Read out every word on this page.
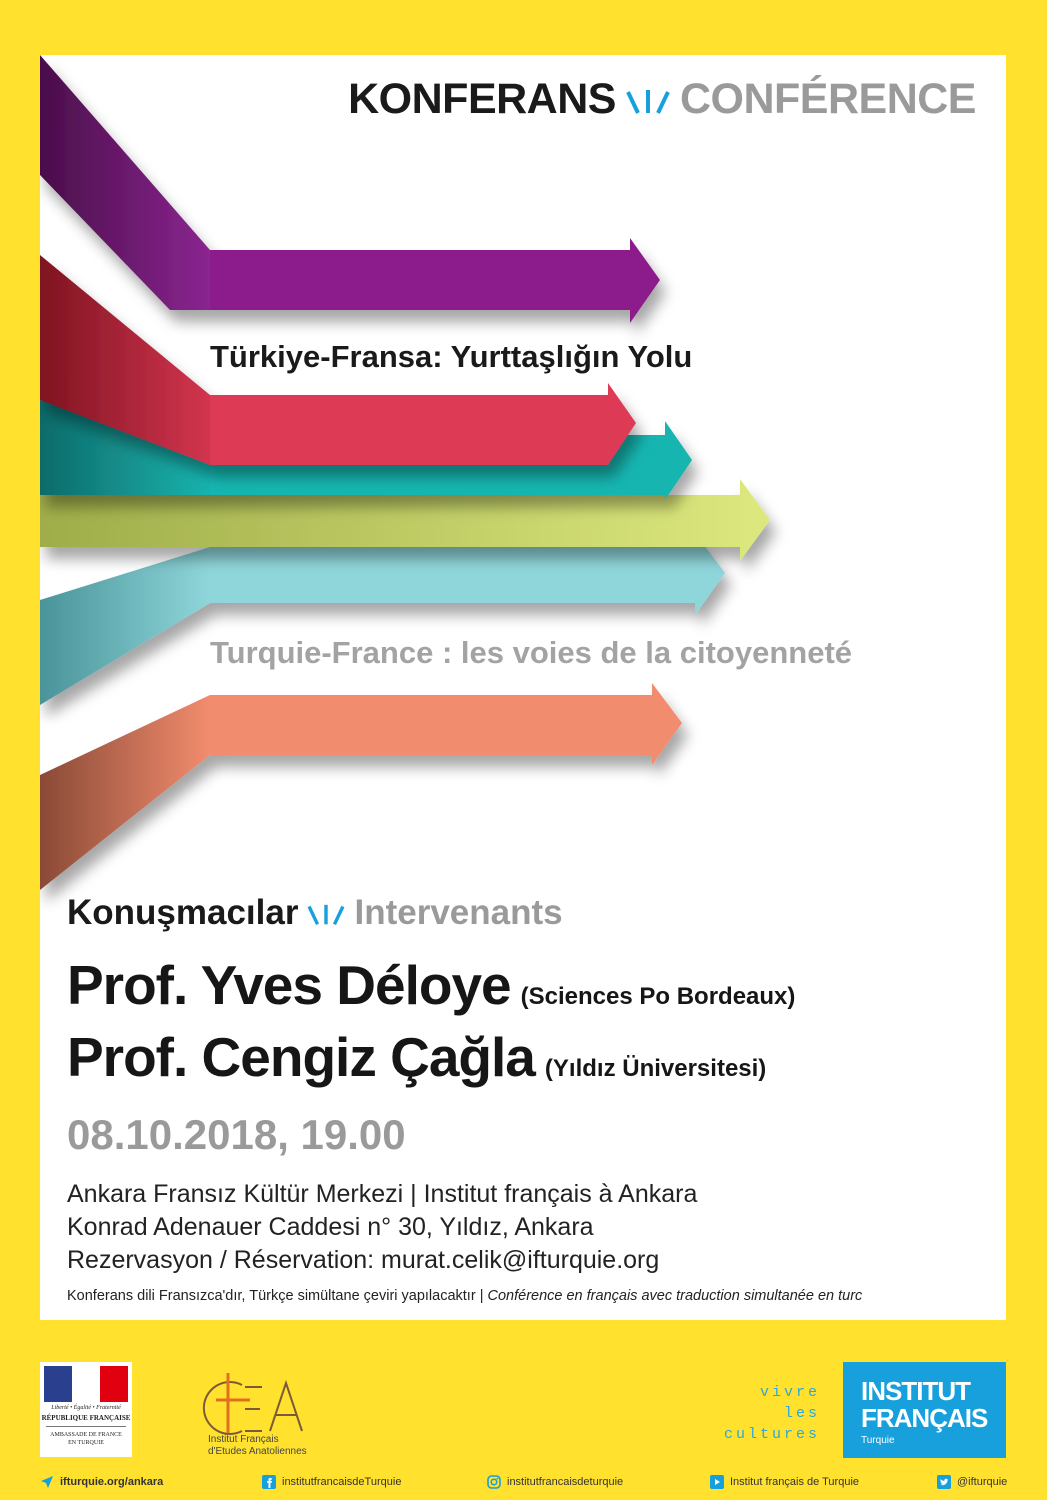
KONFERANS CONFÉRENCE
Türkiye-Fransa: Yurttaşlığın Yolu
Turquie-France : les voies de la citoyenneté
Konuşmacılar Intervenants
Prof. Yves Déloye (Sciences Po Bordeaux)
Prof. Cengiz Çağla (Yıldız Üniversitesi)
08.10.2018, 19.00
Ankara Fransız Kültür Merkezi | Institut français à Ankara
Konrad Adenauer Caddesi n° 30, Yıldız, Ankara
Rezervasyon / Réservation: murat.celik@ifturquie.org
Konferans dili Fransızca'dır, Türkçe simültane çeviri yapılacaktır | Conférence en français avec traduction simultanée en turc
Liberté • Égalité • Fraternité
RÉPUBLIQUE FRANÇAISE
AMBASSADE DE FRANCE
EN TURQUIE	Institut Français
d'Etudes Anatoliennes
vivre
les
cultures
INSTITUT
FRANÇAIS
Turquie
ifturquie.org/ankara	institutfrancaisdeTurquie	institutfrancaisdeturquie	Institut français de Turquie	@ifturquie
